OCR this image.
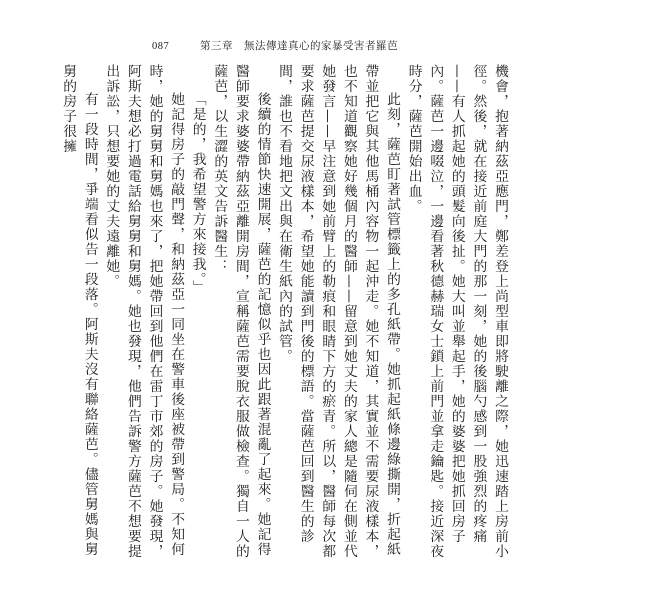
087	第三章　無法傳達真心的家暴受害者羅芭

機會，抱著納茲亞應門，鄭差登上尚型車即將駛離之際，她迅速踏上房前小徑。然後，就在接近前庭大門的那一刻，她的後腦勺感到一股強烈的疼痛——有人抓起她的頭髮向後扯。她大叫並舉起手，她的婆婆把她抓回房子內。薩芭一邊啜泣，一邊看著秋德赫瑞女士鎖上前門並拿走鑰匙。接近深夜時分，薩芭開始出血。

此刻，薩芭盯著試管標籤上的多孔紙帶。她抓起紙條邊綠撕開，折起紙帶並把它與其他馬桶內容物一起沖走。她不知道，其實並不需要尿液樣本，也不知道觀察她好幾個月的醫師——留意到她丈夫的家人總是隨伺在側並代她發言——早注意到她前臂上的勒痕和眼睛下方的瘀青。所以，醫師每次都要求薩芭提交尿液樣本，希望她能讀到門後的標語。當薩芭回到醫生的診間，誰也不看地把文出與在衛生紙內的試管。

後續的情節快速開展，薩芭的記憶似乎也因此跟著混亂了起來。她記得醫師要求婆婆帶納茲亞離開房間，宣稱薩芭需要脫衣服做檢查。獨自一人的薩芭，以生澀的英文告訴醫生：

「是的，我希望警方來接我。」

她記得房子的敲門聲，和納茲亞一同坐在警車後座被帶到警局。不知何時，她的舅舅和舅媽也來了，把她帶回到他們在雷丁市郊的房子。她發現，阿斯夫想必打過電話給舅舅和舅媽。她也發現，他們告訴警方薩芭不想要提出訴訟，只想要她的丈夫遠離她。

有一段時間，爭端看似告一段落。阿斯夫沒有聯絡薩芭。儘管舅媽與舅舅的房子很擁
